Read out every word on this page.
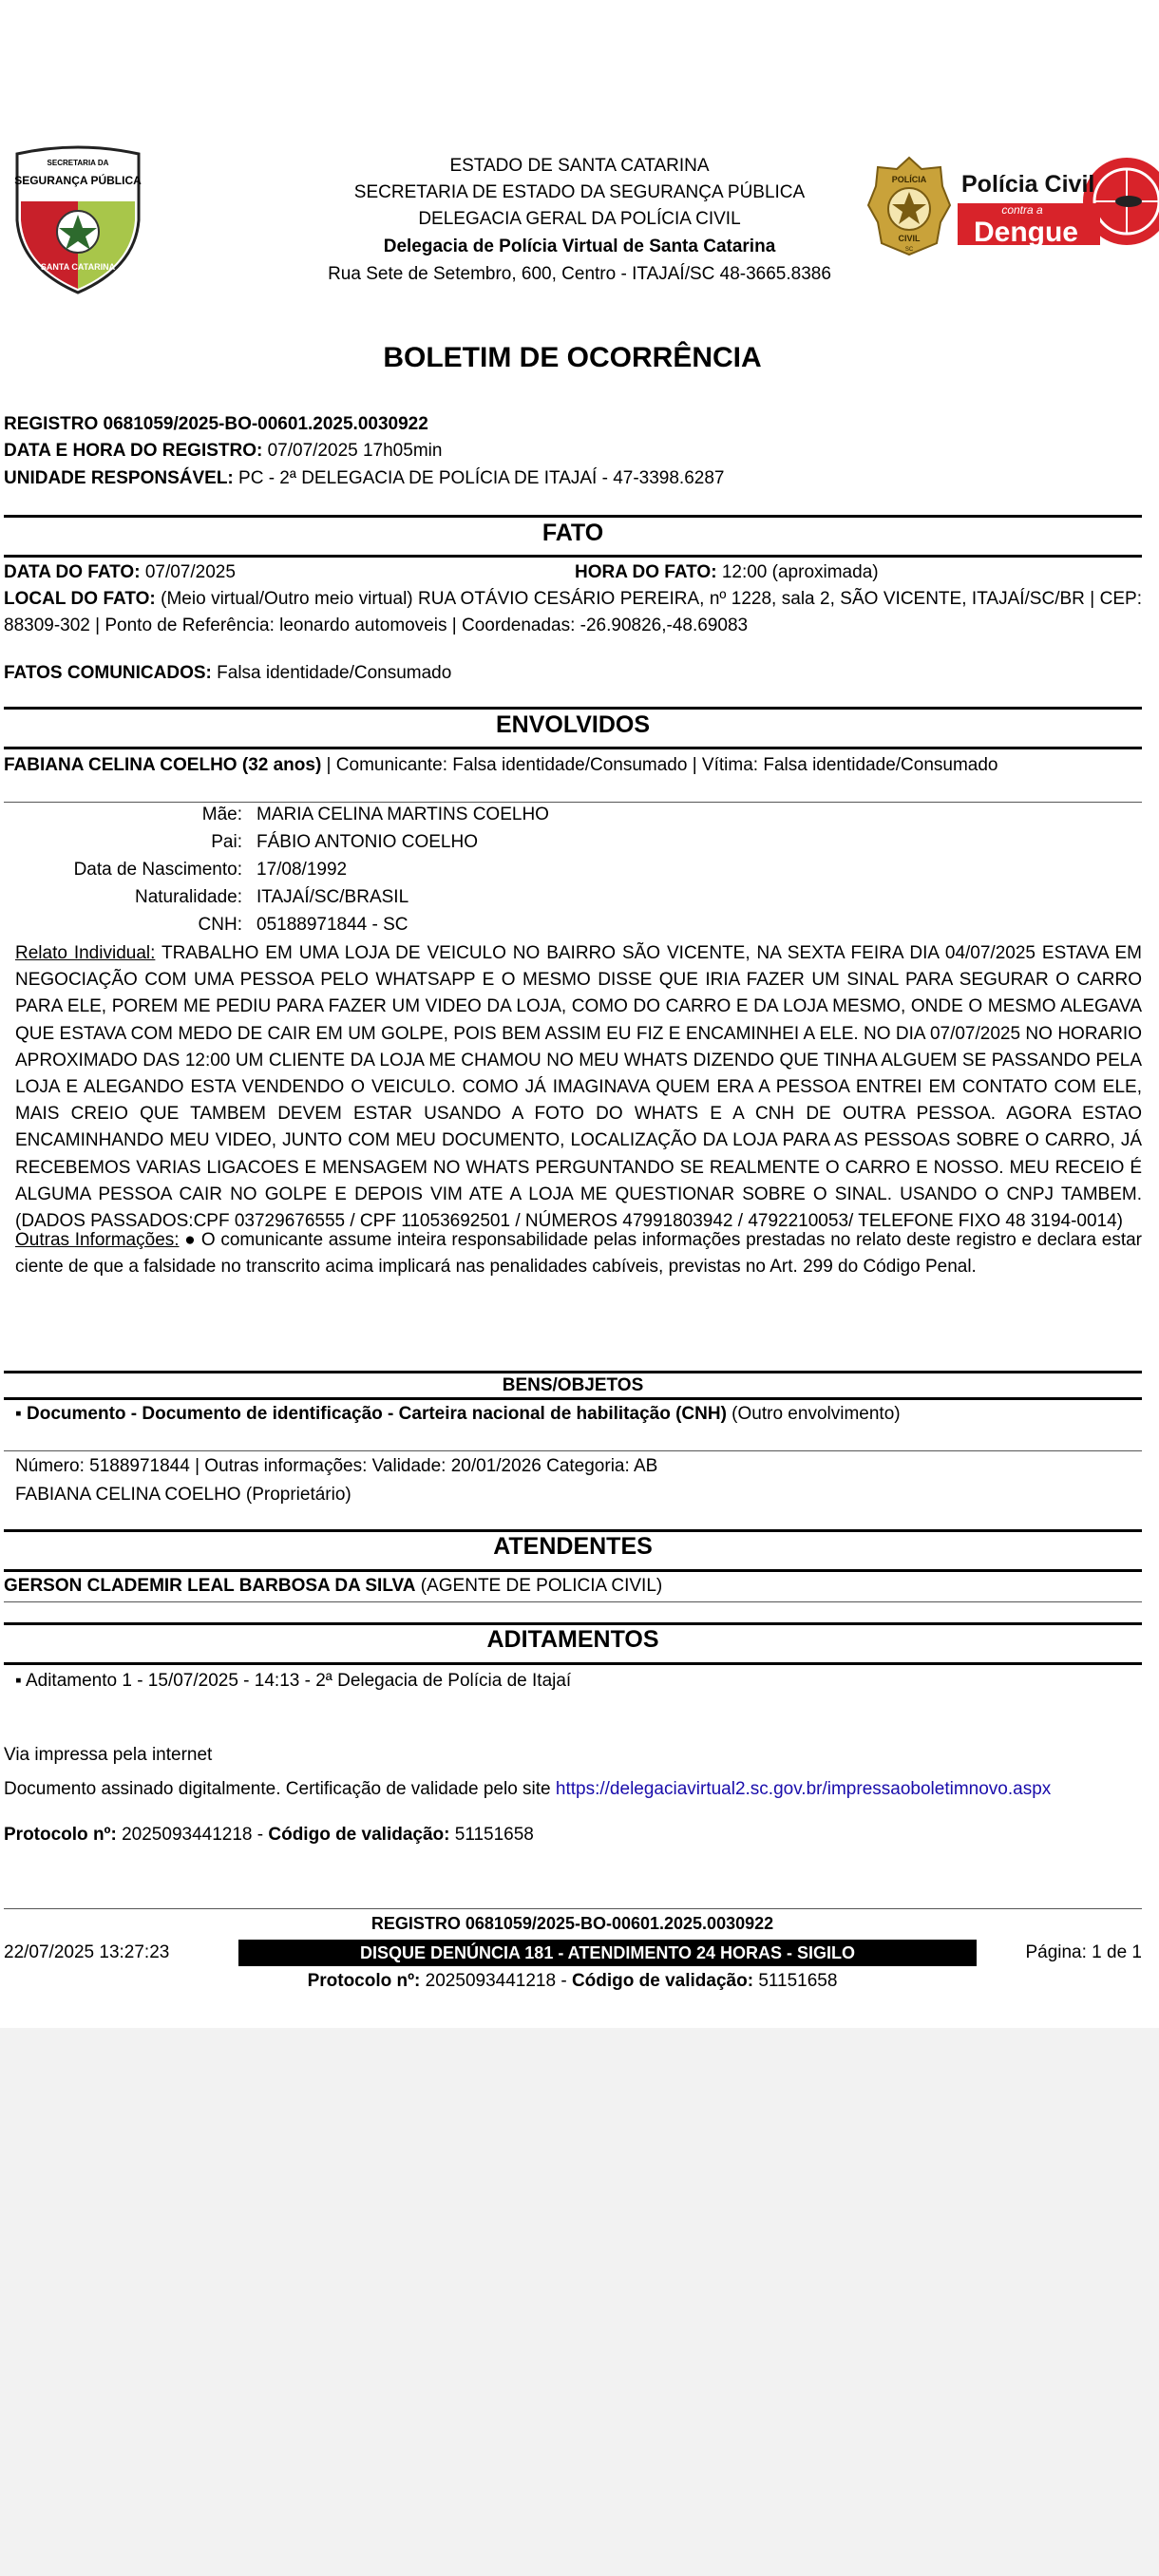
SECRETARIA DA
SEGURANÇA PÚBLICA
SANTA CATARINA
ESTADO DE SANTA CATARINA
SECRETARIA DE ESTADO DA SEGURANÇA PÚBLICA
DELEGACIA GERAL DA POLÍCIA CIVIL
Delegacia de Polícia Virtual de Santa Catarina
Rua Sete de Setembro, 600, Centro - ITAJAÍ/SC 48-3665.8386
POLÍCIA
CIVIL
SC
Polícia Civil
contra a
Dengue
BOLETIM DE OCORRÊNCIA
REGISTRO 0681059/2025-BO-00601.2025.0030922
DATA E HORA DO REGISTRO: 07/07/2025 17h05min
UNIDADE RESPONSÁVEL: PC - 2ª DELEGACIA DE POLÍCIA DE ITAJAÍ - 47-3398.6287
FATO
DATA DO FATO: 07/07/2025	HORA DO FATO: 12:00 (aproximada)
LOCAL DO FATO: (Meio virtual/Outro meio virtual) RUA OTÁVIO CESÁRIO PEREIRA, nº 1228, sala 2, SÃO VICENTE, ITAJAÍ/SC/BR | CEP: 88309-302 | Ponto de Referência: leonardo automoveis | Coordenadas: -26.90826,-48.69083
FATOS COMUNICADOS: Falsa identidade/Consumado
ENVOLVIDOS
FABIANA CELINA COELHO (32 anos) | Comunicante: Falsa identidade/Consumado | Vítima: Falsa identidade/Consumado
Mãe: MARIA CELINA MARTINS COELHO
Pai: FÁBIO ANTONIO COELHO
Data de Nascimento: 17/08/1992
Naturalidade: ITAJAÍ/SC/BRASIL
CNH: 05188971844 - SC
Relato Individual: TRABALHO EM UMA LOJA DE VEICULO NO BAIRRO SÃO VICENTE, NA SEXTA FEIRA DIA 04/07/2025 ESTAVA EM NEGOCIAÇÃO COM UMA PESSOA PELO WHATSAPP E O MESMO DISSE QUE IRIA FAZER UM SINAL PARA SEGURAR O CARRO PARA ELE, POREM ME PEDIU PARA FAZER UM VIDEO DA LOJA, COMO DO CARRO E DA LOJA MESMO, ONDE O MESMO ALEGAVA QUE ESTAVA COM MEDO DE CAIR EM UM GOLPE, POIS BEM ASSIM EU FIZ E ENCAMINHEI A ELE. NO DIA 07/07/2025 NO HORARIO APROXIMADO DAS 12:00 UM CLIENTE DA LOJA ME CHAMOU NO MEU WHATS DIZENDO QUE TINHA ALGUEM SE PASSANDO PELA LOJA E ALEGANDO ESTA VENDENDO O VEICULO. COMO JÁ IMAGINAVA QUEM ERA A PESSOA ENTREI EM CONTATO COM ELE, MAIS CREIO QUE TAMBEM DEVEM ESTAR USANDO A FOTO DO WHATS E A CNH DE OUTRA PESSOA. AGORA ESTAO ENCAMINHANDO MEU VIDEO, JUNTO COM MEU DOCUMENTO, LOCALIZAÇÃO DA LOJA PARA AS PESSOAS SOBRE O CARRO, JÁ RECEBEMOS VARIAS LIGACOES E MENSAGEM NO WHATS PERGUNTANDO SE REALMENTE O CARRO E NOSSO. MEU RECEIO É ALGUMA PESSOA CAIR NO GOLPE E DEPOIS VIM ATE A LOJA ME QUESTIONAR SOBRE O SINAL. USANDO O CNPJ TAMBEM. (DADOS PASSADOS:CPF 03729676555 / CPF 11053692501 / NÚMEROS 47991803942 / 4792210053/ TELEFONE FIXO 48 3194-0014)
Outras Informações: ● O comunicante assume inteira responsabilidade pelas informações prestadas no relato deste registro e declara estar ciente de que a falsidade no transcrito acima implicará nas penalidades cabíveis, previstas no Art. 299 do Código Penal.
BENS/OBJETOS
▪ Documento - Documento de identificação - Carteira nacional de habilitação (CNH) (Outro envolvimento)
Número: 5188971844 | Outras informações: Validade: 20/01/2026 Categoria: AB
FABIANA CELINA COELHO (Proprietário)
ATENDENTES
GERSON CLADEMIR LEAL BARBOSA DA SILVA (AGENTE DE POLICIA CIVIL)
ADITAMENTOS
▪ Aditamento 1 - 15/07/2025 - 14:13 - 2ª Delegacia de Polícia de Itajaí
Via impressa pela internet
Documento assinado digitalmente. Certificação de validade pelo site https://delegaciavirtual2.sc.gov.br/impressaoboletimnovo.aspx
Protocolo nº: 2025093441218 - Código de validação: 51151658
REGISTRO 0681059/2025-BO-00601.2025.0030922
22/07/2025 13:27:23	DISQUE DENÚNCIA 181 - ATENDIMENTO 24 HORAS - SIGILO	Página: 1 de 1
Protocolo nº: 2025093441218 - Código de validação: 51151658
